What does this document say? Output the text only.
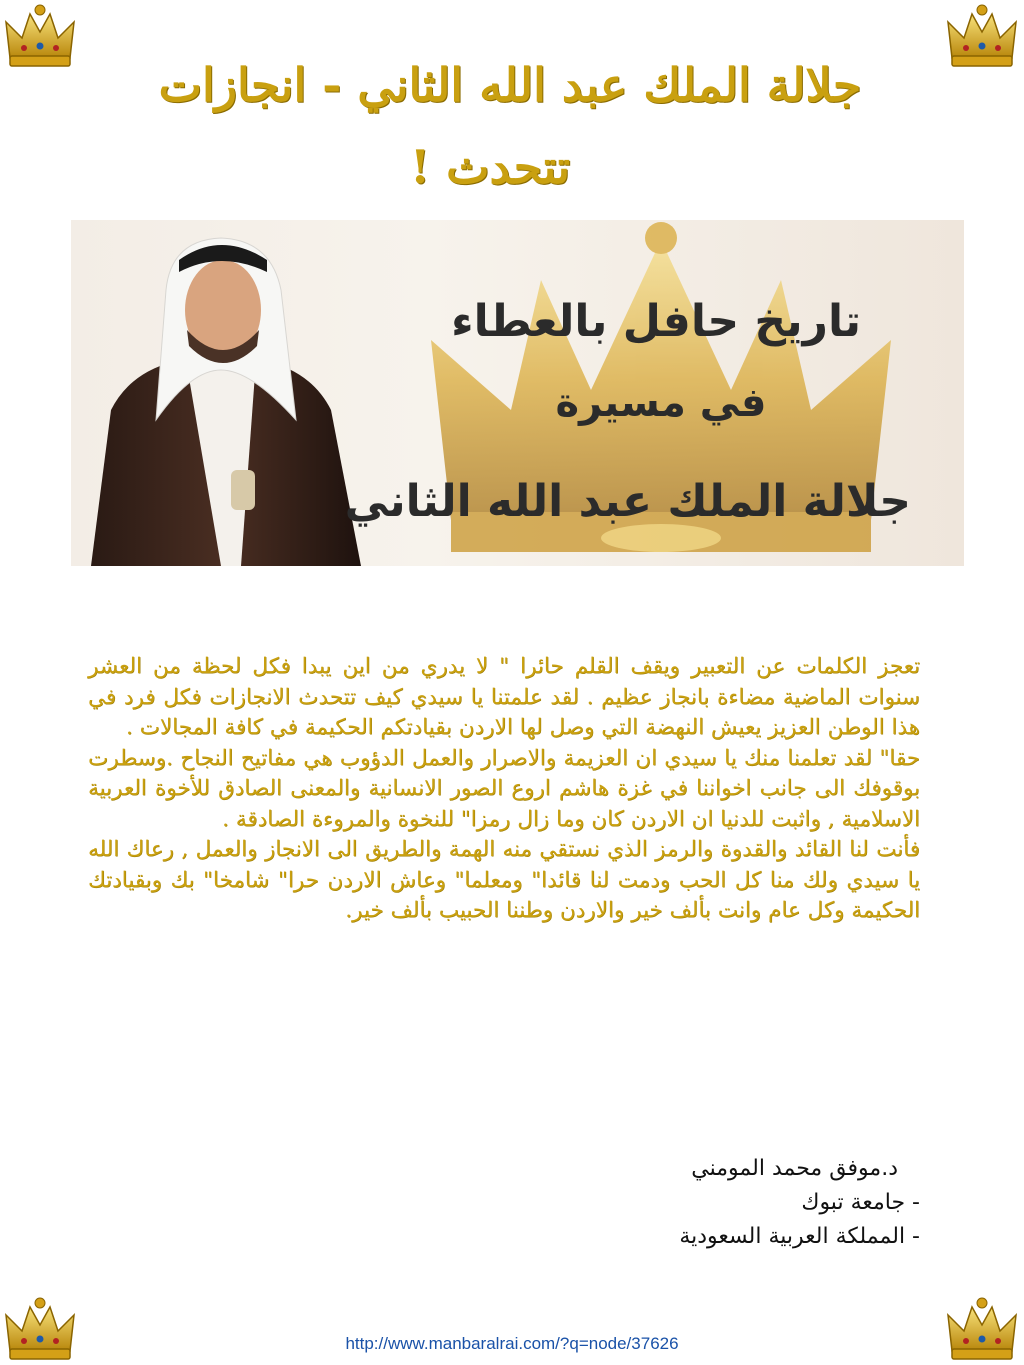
جلالة الملك عبد الله الثاني - انجازات
تتحدث !
تاريخ حافل بالعطاء
في مسيرة
جلالة الملك عبد الله الثاني

تعجز الكلمات عن التعبير ويقف القلم حائرا " لا يدري من اين يبدا فكل لحظة من العشر سنوات الماضية مضاءة بانجاز عظيم . لقد علمتنا يا سيدي كيف تتحدث الانجازات فكل فرد في هذا الوطن العزيز يعيش النهضة التي وصل لها الاردن بقيادتكم الحكيمة في كافة المجالات .

حقا" لقد تعلمنا منك يا سيدي ان العزيمة والاصرار والعمل الدؤوب هي مفاتيح النجاح .وسطرت بوقوفك الى جانب اخواننا في غزة هاشم اروع الصور الانسانية والمعنى الصادق للأخوة العربية الاسلامية , واثبت للدنيا ان الاردن كان وما زال رمزا" للنخوة والمروءة الصادقة .

فأنت لنا القائد والقدوة والرمز الذي نستقي منه الهمة والطريق الى الانجاز والعمل , رعاك الله يا سيدي ولك منا كل الحب ودمت لنا قائدا" ومعلما" وعاش الاردن حرا" شامخا" بك وبقيادتك الحكيمة وكل عام وانت بألف خير والاردن وطننا الحبيب بألف خير.

د.موفق محمد المومني
- جامعة تبوك
- المملكة العربية السعودية
http://www.manbaralrai.com/?q=node/37626
